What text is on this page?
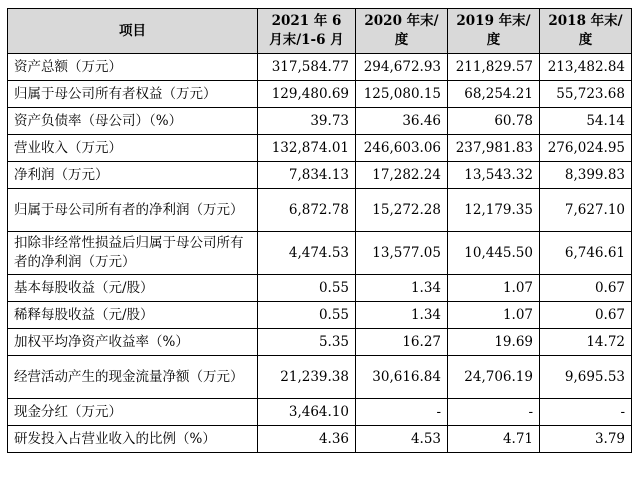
项目	2021 年 6 月末/1-6 月	2020 年末/度	2019 年末/度	2018 年末/度
资产总额（万元）	317,584.77	294,672.93	211,829.57	213,482.84
归属于母公司所有者权益（万元）	129,480.69	125,080.15	68,254.21	55,723.68
资产负债率（母公司）（%）	39.73	36.46	60.78	54.14
营业收入（万元）	132,874.01	246,603.06	237,981.83	276,024.95
净利润（万元）	7,834.13	17,282.24	13,543.32	8,399.83
归属于母公司所有者的净利润（万元）	6,872.78	15,272.28	12,179.35	7,627.10
扣除非经常性损益后归属于母公司所有者的净利润（万元）	4,474.53	13,577.05	10,445.50	6,746.61
基本每股收益（元/股）	0.55	1.34	1.07	0.67
稀释每股收益（元/股）	0.55	1.34	1.07	0.67
加权平均净资产收益率（%）	5.35	16.27	19.69	14.72
经营活动产生的现金流量净额（万元）	21,239.38	30,616.84	24,706.19	9,695.53
现金分红（万元）	3,464.10	-	-	-
研发投入占营业收入的比例（%）	4.36	4.53	4.71	3.79
